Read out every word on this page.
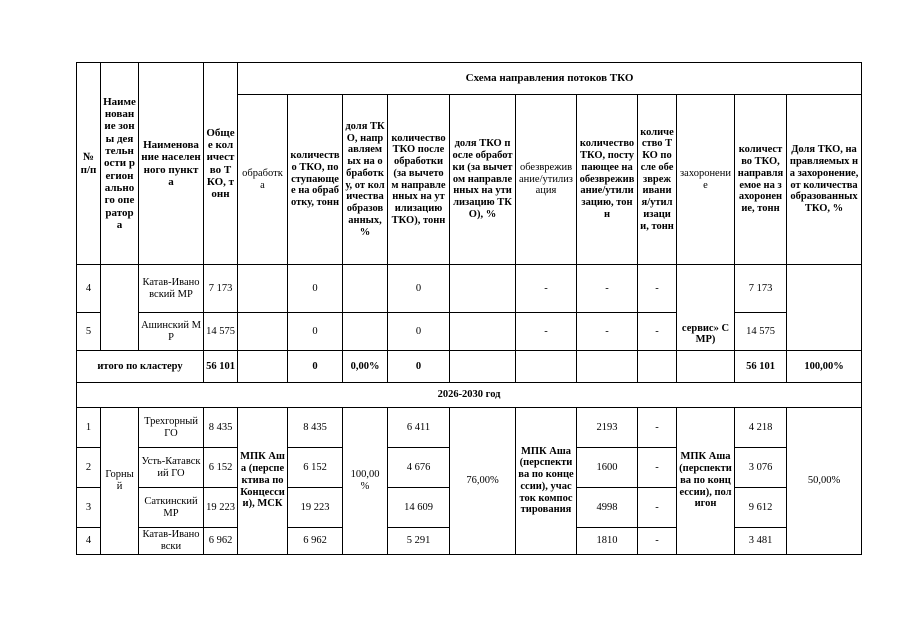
№ п/п	Наименование зоны деятельности регионального оператора	Наименование населенного пункта	Общее количество ТКО, тонн	Схема направления потоков ТКО										
				обработка	количество ТКО, поступающее на обработку, тонн	доля ТКО, направляемых на обработку, от количества образованных, %	количество ТКО после обработки (за вычетом направленных на утилизацию ТКО), тонн	доля ТКО после обработки (за вычетом направленных на утилизацию ТКО), %	обезвреживание/утилизация	количество ТКО, поступающее на обезвреживание/утилизацию, тонн	количество ТКО после обезвреживания/утилизации, тонн	захоронение	количество ТКО, направляемое на захоронение, тонн	Доля ТКО, направляемых на захоронение, от количества образованных ТКО, %
4		Катав-Ивановский МР	7 173		0		0		-	-	-	сервис» СМР)	7 173	
5		Ашинский МР	14 575		0		0		-	-	-		14 575	
итого по кластеру			56 101		0	0,00%	0						56 101	100,00%
2026-2030 год														
1	Горный	Трехгорный ГО	8 435	МПК Аша (перспектива по Концессии), МСК	8 435	100,00 %	6 411	76,00%	МПК Аша (перспектива по концессии), участок компостирования	2193	-	МПК Аша (перспектива по концессии), полигон	4 218	50,00%
2		Усть-Катавский ГО	6 152		6 152		4 676			1600	-		3 076	
3		Саткинский МР	19 223		19 223		14 609			4998	-		9 612	
4		Катав-Ивановски	6 962		6 962		5 291			1810	-		3 481	
